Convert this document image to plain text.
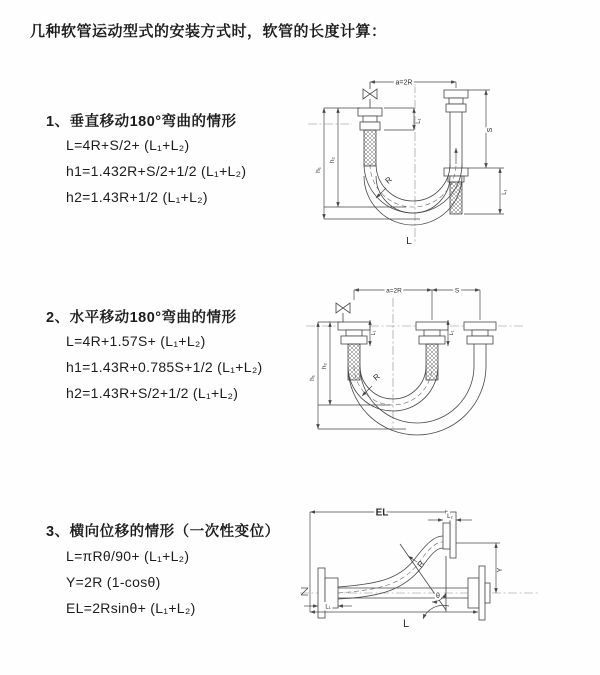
几种软管运动型式的安装方式时，软管的长度计算：
1、垂直移动180°弯曲的情形
L=4R+S/2+ (L₁+L₂)
h1=1.432R+S/2+1/2 (L₁+L₂)
h2=1.43R+1/2 (L₁+L₂)
2、水平移动180°弯曲的情形
L=4R+1.57S+ (L₁+L₂)
h1=1.43R+0.785S+1/2 (L₁+L₂)
h2=1.43R+S/2+1/2 (L₁+L₂)
3、横向位移的情形（一次性变位）
L=πRθ/90+ (L₁+L₂)
Y=2R (1-cosθ)
EL=2Rsinθ+ (L₁+L₂)
a=2R
L₁
S
L₁
h₂
h₁
R
L
a=2R	S
L₁	L₁
h₂
h₁	R
θ
EL	L₂
Y
L
L₁
R
